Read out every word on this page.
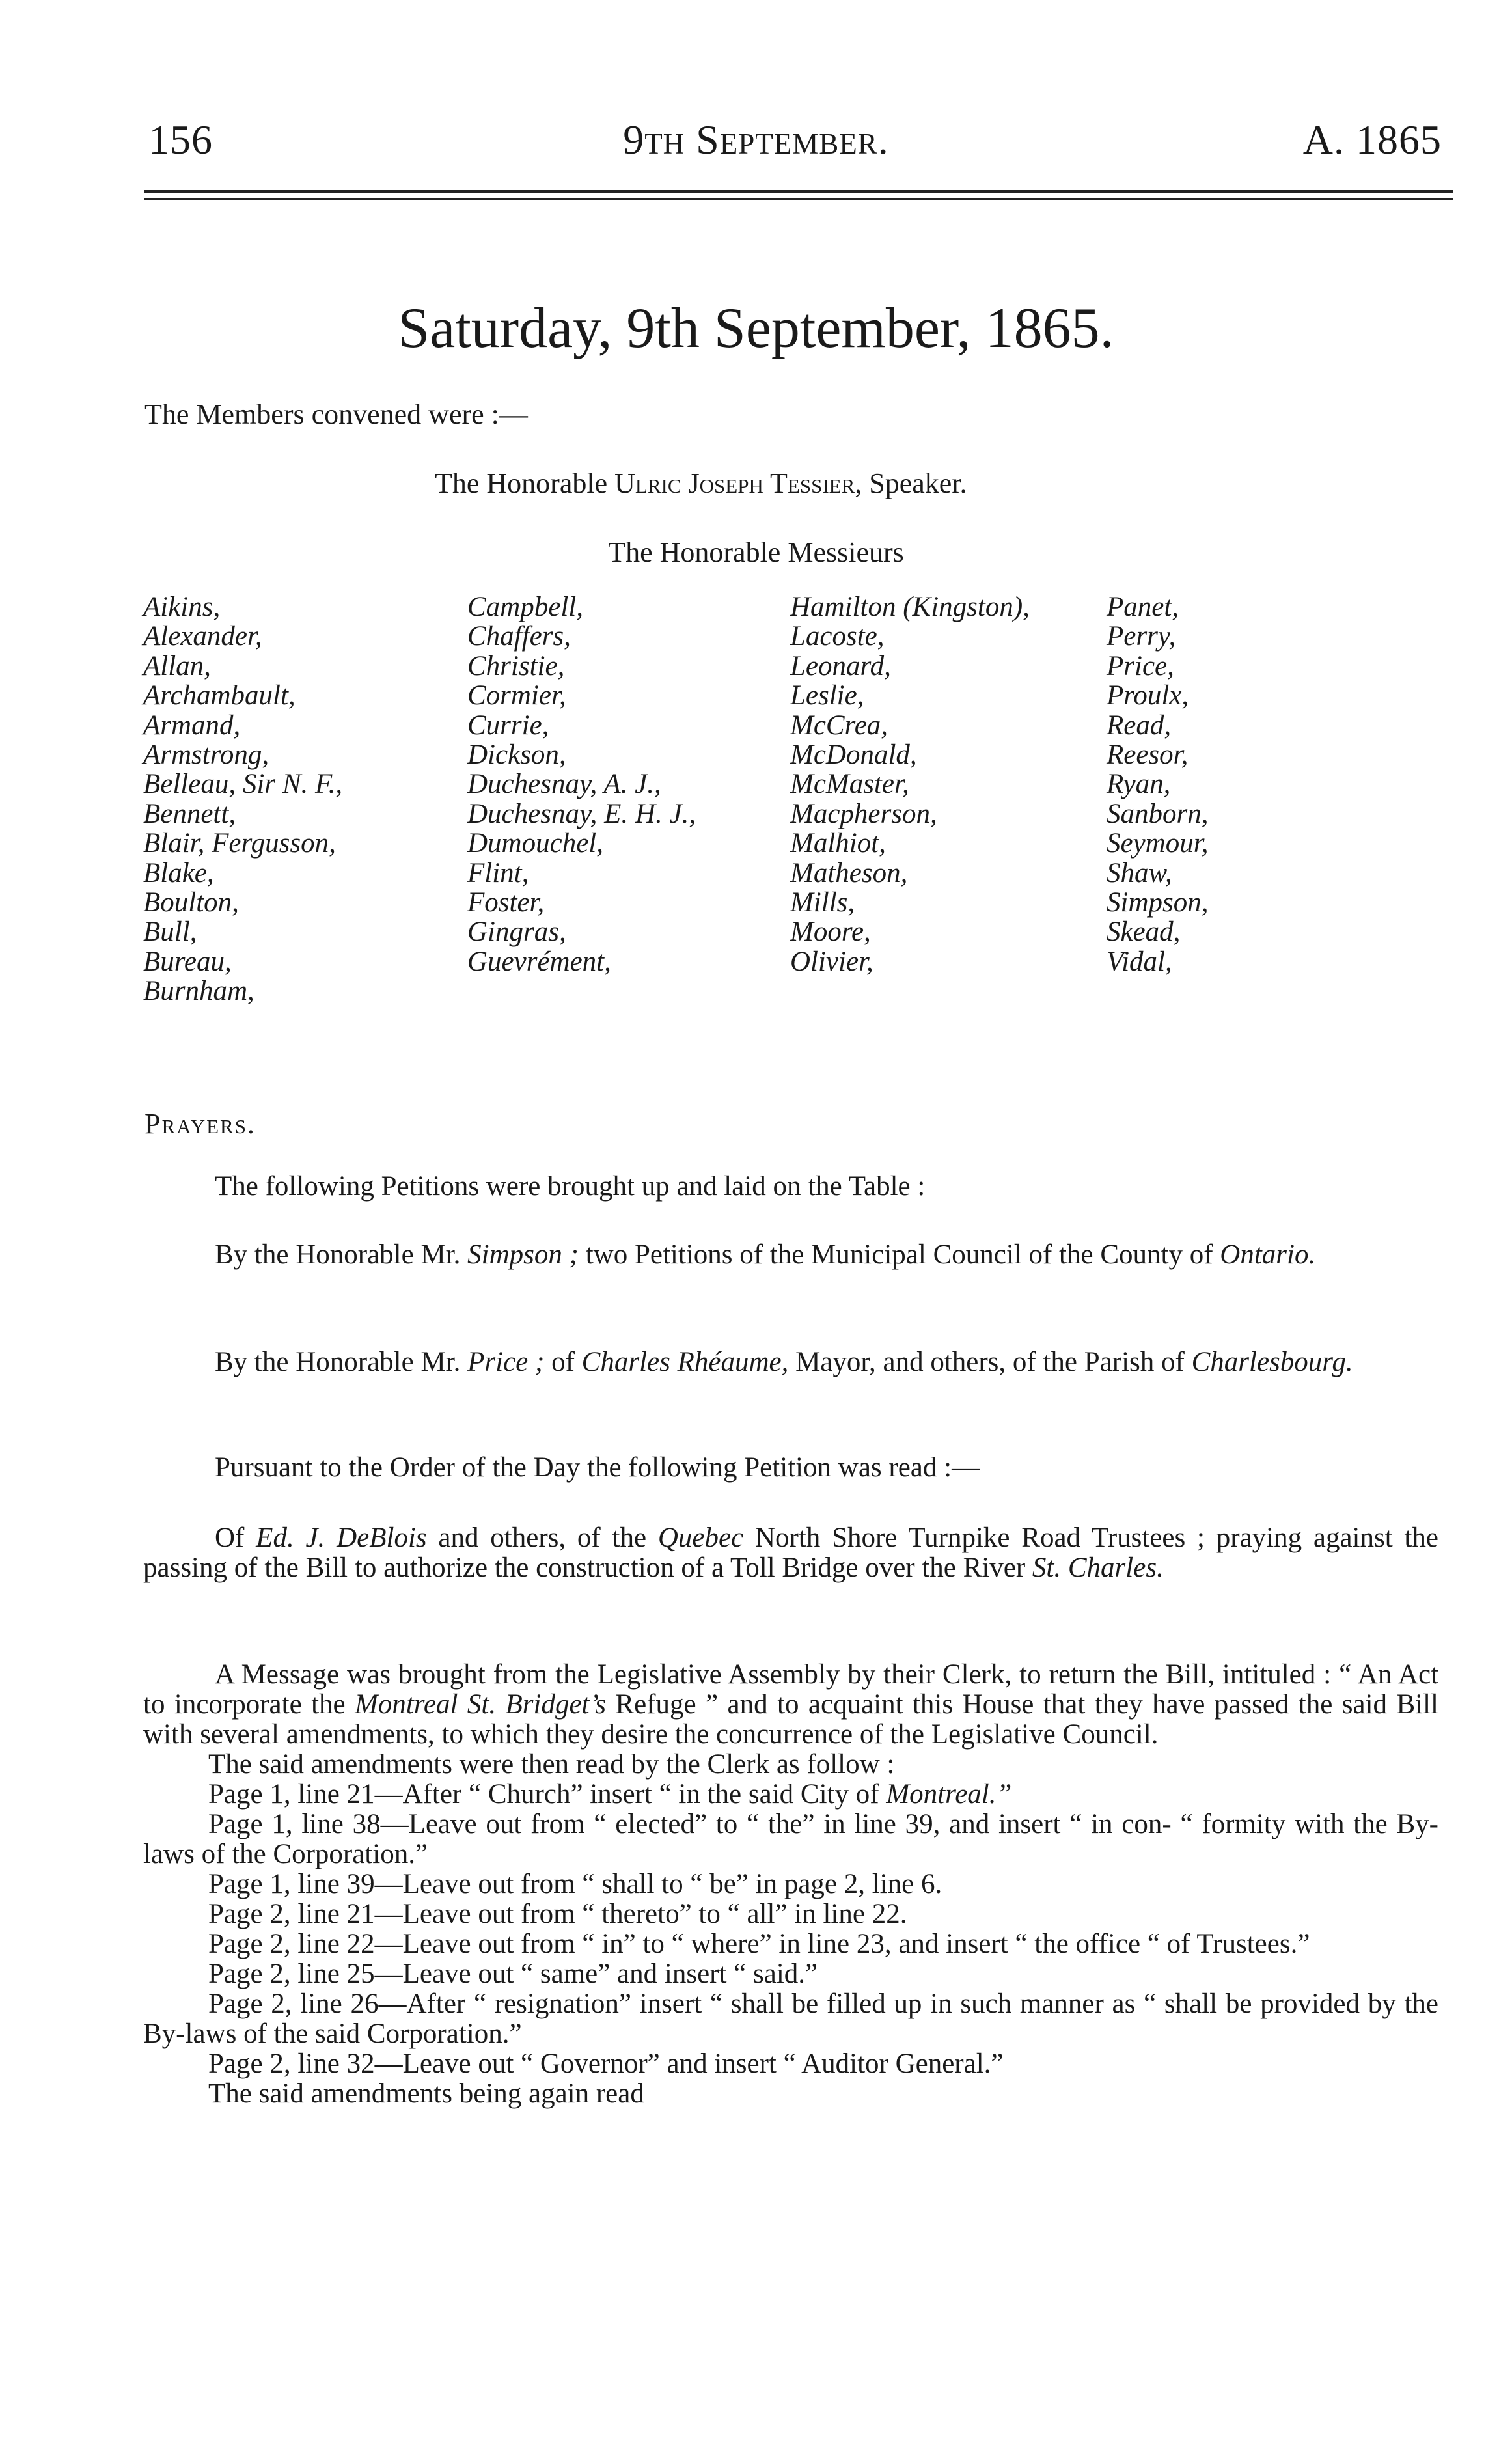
156	9th September.	A. 1865
Saturday, 9th September, 1865.
The Members convened were :—
The Honorable Ulric Joseph Tessier, Speaker.
The Honorable Messieurs
Aikins,
Alexander,
Allan,
Archambault,
Armand,
Armstrong,
Belleau, Sir N. F.,
Bennett,
Blair, Fergusson,
Blake,
Boulton,
Bull,
Bureau,
Burnham,
Campbell,
Chaffers,
Christie,
Cormier,
Currie,
Dickson,
Duchesnay, A. J.,
Duchesnay, E. H. J.,
Dumouchel,
Flint,
Foster,
Gingras,
Guevrément,
Hamilton (Kingston),
Lacoste,
Leonard,
Leslie,
McCrea,
McDonald,
McMaster,
Macpherson,
Malhiot,
Matheson,
Mills,
Moore,
Olivier,
Panet,
Perry,
Price,
Proulx,
Read,
Reesor,
Ryan,
Sanborn,
Seymour,
Shaw,
Simpson,
Skead,
Vidal,
Prayers.

The following Petitions were brought up and laid on the Table :

By the Honorable Mr. Simpson ; two Petitions of the Municipal Council of the County of Ontario.

By the Honorable Mr. Price ; of Charles Rhéaume, Mayor, and others, of the Parish of Charlesbourg.

Pursuant to the Order of the Day the following Petition was read :—

Of Ed. J. DeBlois and others, of the Quebec North Shore Turnpike Road Trustees ; praying against the passing of the Bill to authorize the construction of a Toll Bridge over the River St. Charles.

A Message was brought from the Legislative Assembly by their Clerk, to return the Bill, intituled : “ An Act to incorporate the Montreal St. Bridget’s Refuge ” and to acquaint this House that they have passed the said Bill with several amendments, to which they desire the concurrence of the Legislative Council.

The said amendments were then read by the Clerk as follow :

Page 1, line 21—After “ Church” insert “ in the said City of Montreal.”

Page 1, line 38—Leave out from “ elected” to “ the” in line 39, and insert “ in con- “ formity with the By-laws of the Corporation.”

Page 1, line 39—Leave out from “ shall to “ be” in page 2, line 6.

Page 2, line 21—Leave out from “ thereto” to “ all” in line 22.

Page 2, line 22—Leave out from “ in” to “ where” in line 23, and insert “ the office “ of Trustees.”

Page 2, line 25—Leave out “ same” and insert “ said.”

Page 2, line 26—After “ resignation” insert “ shall be filled up in such manner as “ shall be provided by the By-laws of the said Corporation.”

Page 2, line 32—Leave out “ Governor” and insert “ Auditor General.”

The said amendments being again read
